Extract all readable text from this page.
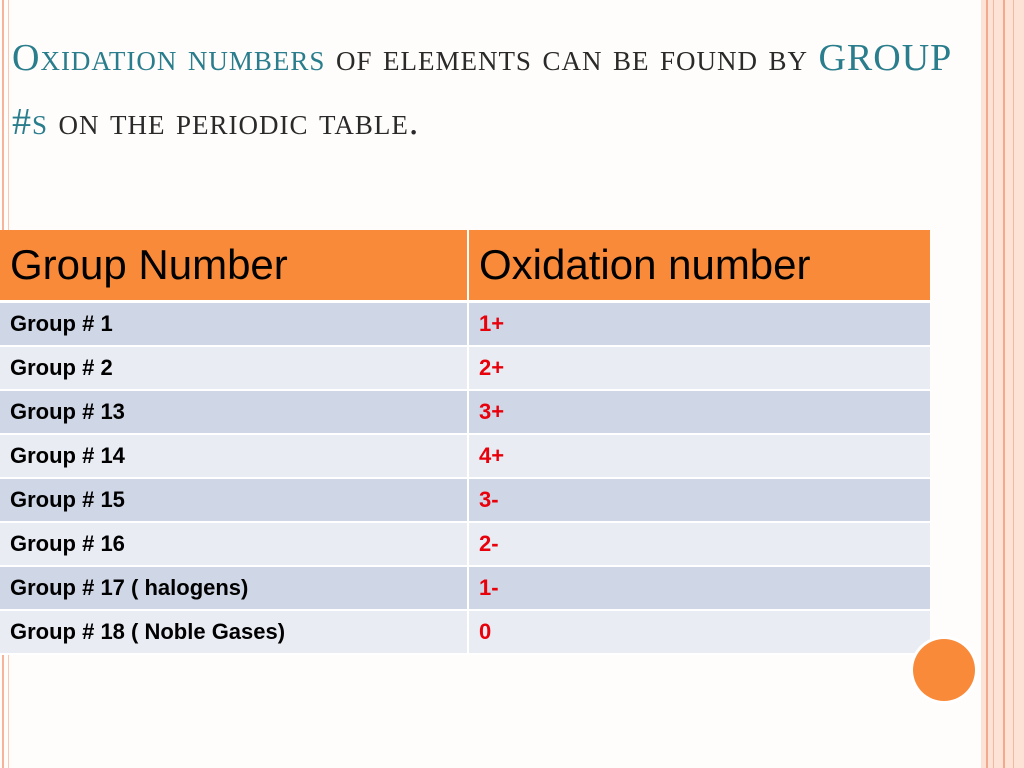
Oxidation numbers of elements can be found by GROUP #s on the periodic table.
Group Number	Oxidation number
Group # 1	1+
Group # 2	2+
Group # 13	3+
Group # 14	4+
Group # 15	3-
Group # 16	2-
Group # 17 ( halogens)	1-
Group # 18 ( Noble Gases)	0
